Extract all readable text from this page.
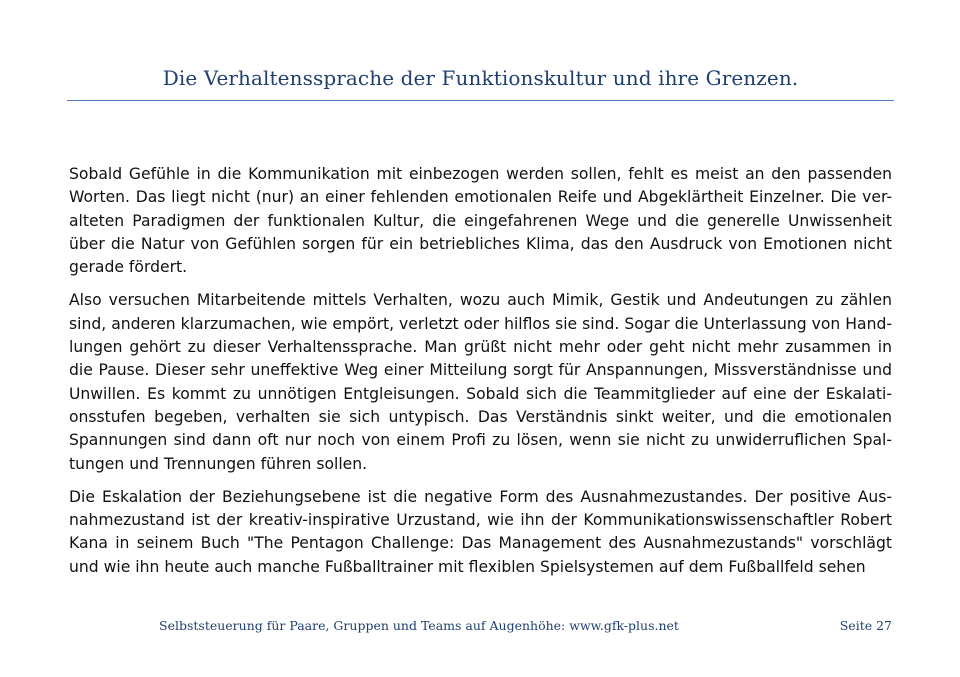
Die Verhaltenssprache der Funktionskultur und ihre Grenzen.

Sobald Gefühle in die Kommunikation mit einbezogen werden sollen, fehlt es meist an den passenden Worten. Das liegt nicht (nur) an einer fehlenden emotionalen Reife und Abgeklärtheit Einzelner. Die ver-alteten Paradigmen der funktionalen Kultur, die eingefahrenen Wege und die generelle Unwissenheit über die Natur von Gefühlen sorgen für ein betriebliches Klima, das den Ausdruck von Emotionen nicht gerade fördert.

Also versuchen Mitarbeitende mittels Verhalten, wozu auch Mimik, Gestik und Andeutungen zu zählen sind, anderen klarzumachen, wie empört, verletzt oder hilflos sie sind. Sogar die Unterlassung von Hand-lungen gehört zu dieser Verhaltenssprache. Man grüßt nicht mehr oder geht nicht mehr zusammen in die Pause. Dieser sehr uneffektive Weg einer Mitteilung sorgt für Anspannungen, Missverständnisse und Unwillen. Es kommt zu unnötigen Entgleisungen. Sobald sich die Teammitglieder auf eine der Eskalati-onsstufen begeben, verhalten sie sich untypisch. Das Verständnis sinkt weiter, und die emotionalen Spannungen sind dann oft nur noch von einem Profi zu lösen, wenn sie nicht zu unwiderruflichen Spal-tungen und Trennungen führen sollen.

Die Eskalation der Beziehungsebene ist die negative Form des Ausnahmezustandes. Der positive Aus-nahmezustand ist der kreativ-inspirative Urzustand, wie ihn der Kommunikationswissenschaftler Robert Kana in seinem Buch "The Pentagon Challenge: Das Management des Ausnahmezustands" vorschlägt und wie ihn heute auch manche Fußballtrainer mit flexiblen Spielsystemen auf dem Fußballfeld sehen

Selbststeuerung für Paare, Gruppen und Teams auf Augenhöhe: www.gfk-plus.net	Seite 27
